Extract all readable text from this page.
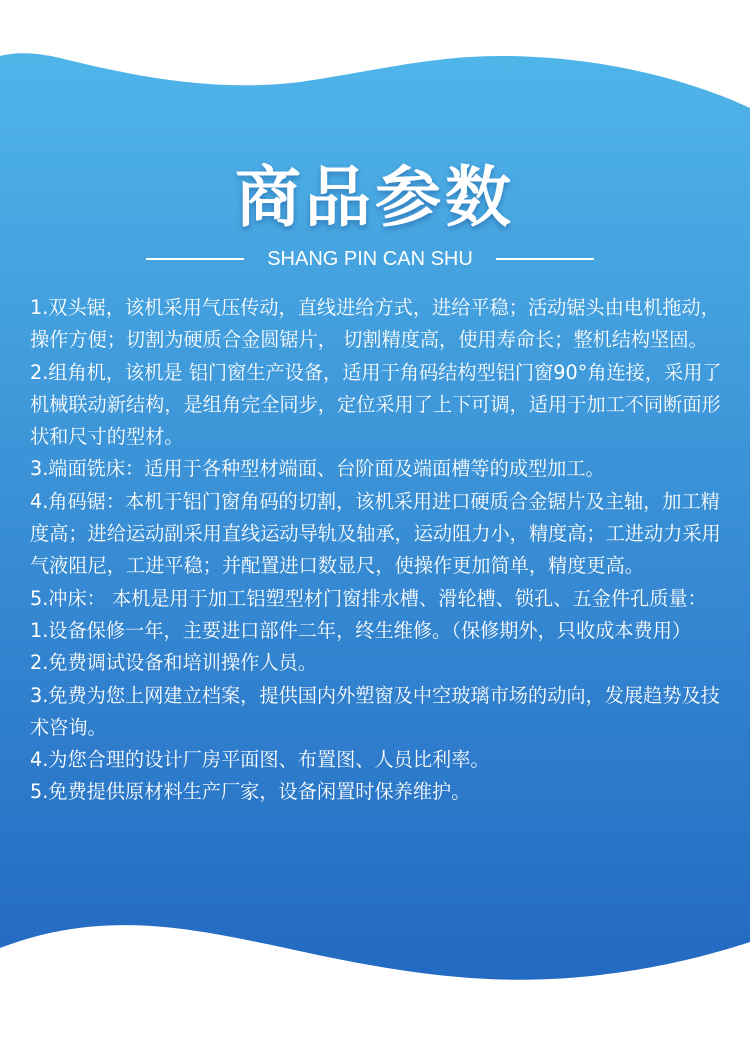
商品参数
SHANG PIN CAN SHU

1.双头锯，该机采用气压传动，直线进给方式，进给平稳；活动锯头由电机拖动，操作方便；切割为硬质合金圆锯片， 切割精度高，使用寿命长；整机结构坚固。

2.组角机，该机是 铝门窗生产设备，适用于角码结构型铝门窗90°角连接，采用了机械联动新结构，是组角完全同步，定位采用了上下可调，适用于加工不同断面形状和尺寸的型材。

3.端面铣床：适用于各种型材端面、台阶面及端面槽等的成型加工。

4.角码锯：本机于铝门窗角码的切割，该机采用进口硬质合金锯片及主轴，加工精度高；进给运动副采用直线运动导轨及轴承，运动阻力小，精度高；工进动力采用气液阻尼，工进平稳；并配置进口数显尺，使操作更加简单，精度更高。

5.冲床： 本机是用于加工铝塑型材门窗排水槽、滑轮槽、锁孔、五金件孔质量：

1.设备保修一年，主要进口部件二年，终生维修。（保修期外，只收成本费用）

2.免费调试设备和培训操作人员。

3.免费为您上网建立档案，提供国内外塑窗及中空玻璃市场的动向，发展趋势及技术咨询。

4.为您合理的设计厂房平面图、布置图、人员比利率。

5.免费提供原材料生产厂家，设备闲置时保养维护。
